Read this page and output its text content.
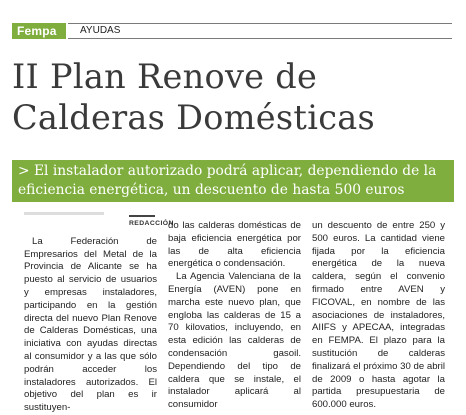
Fempa	AYUDAS
II Plan Renove de Calderas Domésticas
> El instalador autorizado podrá aplicar, dependiendo de la eficiencia energética, un descuento de hasta 500 euros
REDACCIÓN

La Federación de Empresarios del Metal de la Provincia de Alicante se ha puesto al servicio de usuarios y empresas instaladores, participando en la gestión directa del nuevo Plan Renove de Calderas Domésticas, una iniciativa con ayudas directas al consumidor y a las que sólo podrán acceder los instaladores autorizados. El objetivo del plan es ir sustituyen-

do las calderas domésticas de baja eficiencia energética por las de alta eficiencia energética o condensación.

La Agencia Valenciana de la Energía (AVEN) pone en marcha este nuevo plan, que engloba las calderas de 15 a 70 kilovatios, incluyendo, en esta edición las calderas de condensación gasoil. Dependiendo del tipo de caldera que se instale, el instalador aplicará al consumidor

un descuento de entre 250 y 500 euros. La cantidad viene fijada por la eficiencia energética de la nueva caldera, según el convenio firmado entre AVEN y FICOVAL, en nombre de las asociaciones de instaladores, AIIFS y APECAA, integradas en FEMPA. El plazo para la sustitución de calderas finalizará el próximo 30 de abril de 2009 o hasta agotar la partida presupuestaria de 600.000 euros.
